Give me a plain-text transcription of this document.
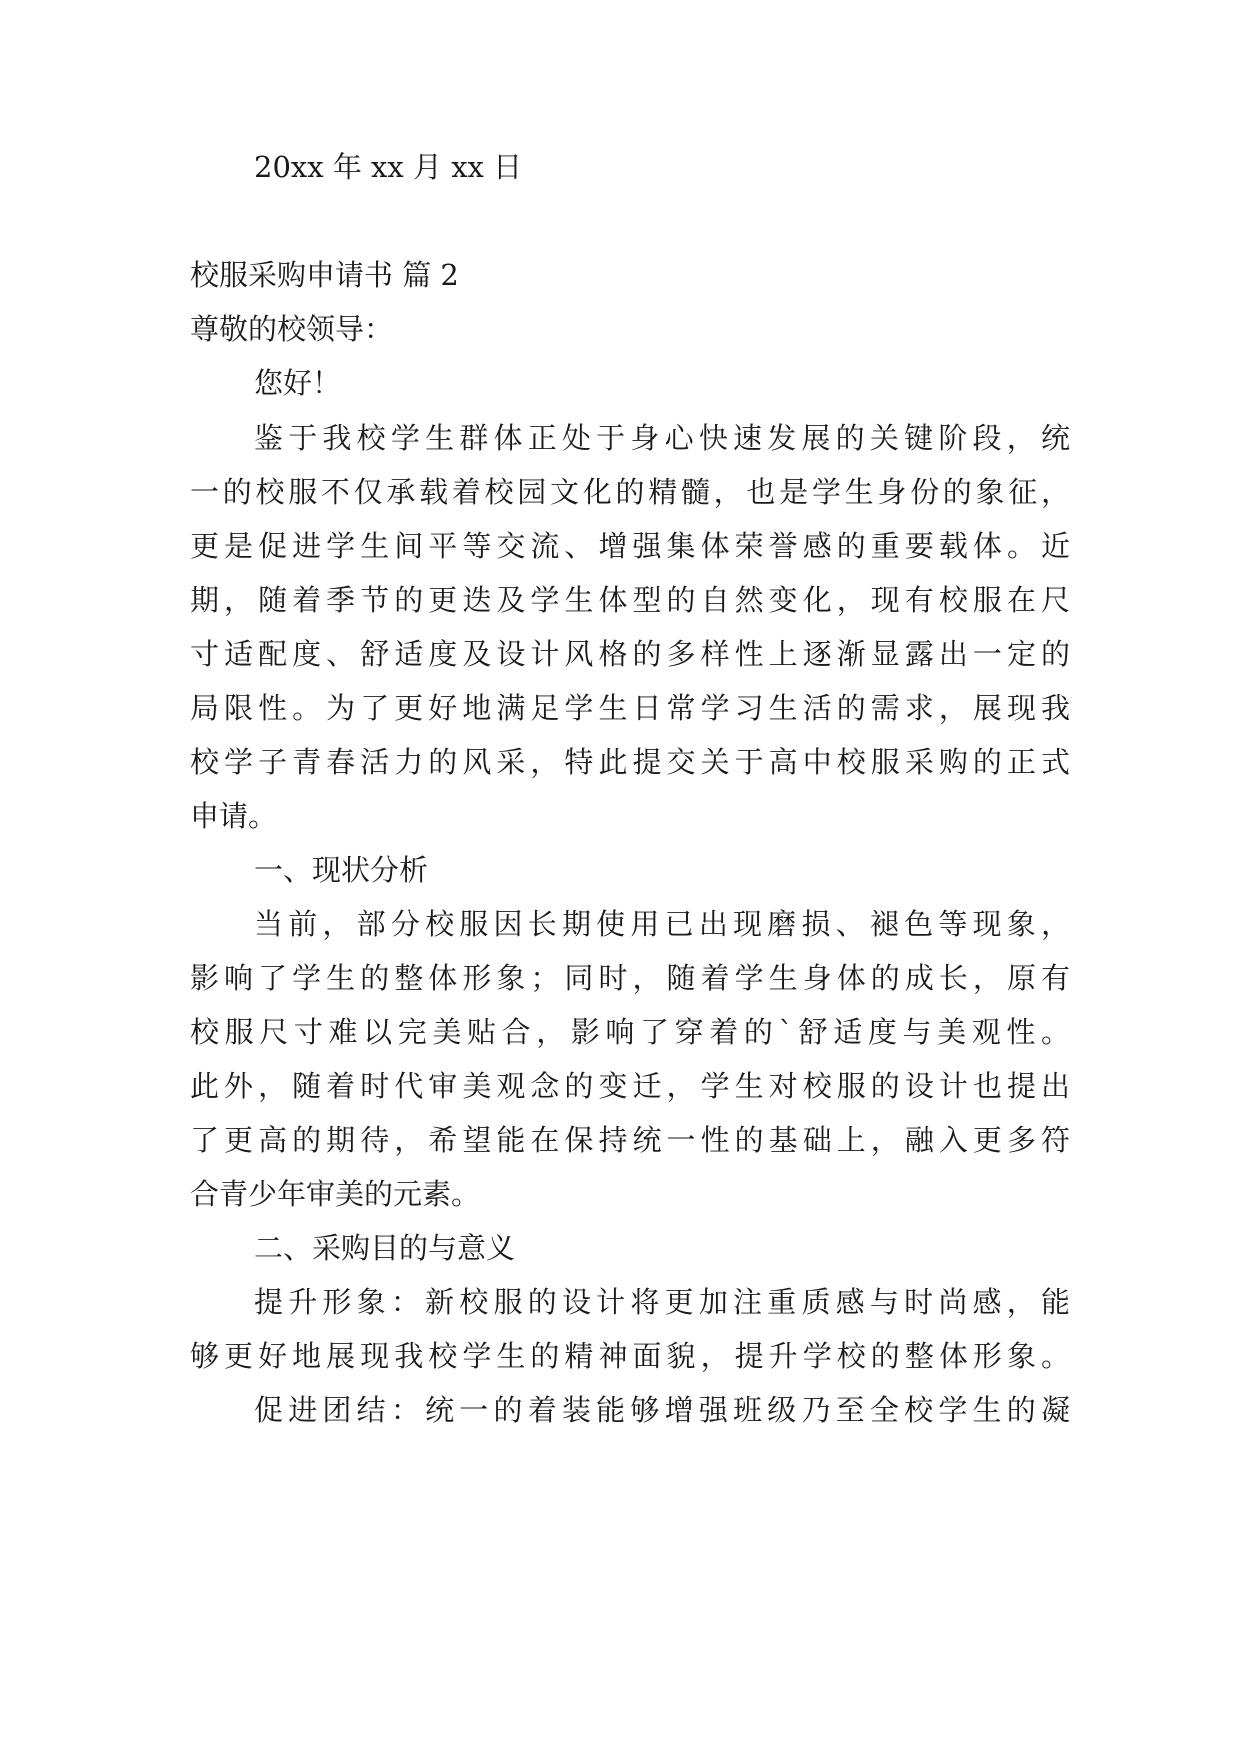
20xx 年 xx 月 xx 日
校服采购申请书 篇 2
尊敬的校领导：
您好！
鉴于我校学生群体正处于身心快速发展的关键阶段，统
一的校服不仅承载着校园文化的精髓，也是学生身份的象征，
更是促进学生间平等交流、增强集体荣誉感的重要载体。近
期，随着季节的更迭及学生体型的自然变化，现有校服在尺
寸适配度、舒适度及设计风格的多样性上逐渐显露出一定的
局限性。为了更好地满足学生日常学习生活的需求，展现我
校学子青春活力的风采，特此提交关于高中校服采购的正式
申请。
一、现状分析
当前，部分校服因长期使用已出现磨损、褪色等现象，
影响了学生的整体形象；同时，随着学生身体的成长，原有
校服尺寸难以完美贴合，影响了穿着的`舒适度与美观性。
此外，随着时代审美观念的变迁，学生对校服的设计也提出
了更高的期待，希望能在保持统一性的基础上，融入更多符
合青少年审美的元素。
二、采购目的与意义
提升形象：新校服的设计将更加注重质感与时尚感，能
够更好地展现我校学生的精神面貌，提升学校的整体形象。
促进团结：统一的着装能够增强班级乃至全校学生的凝
